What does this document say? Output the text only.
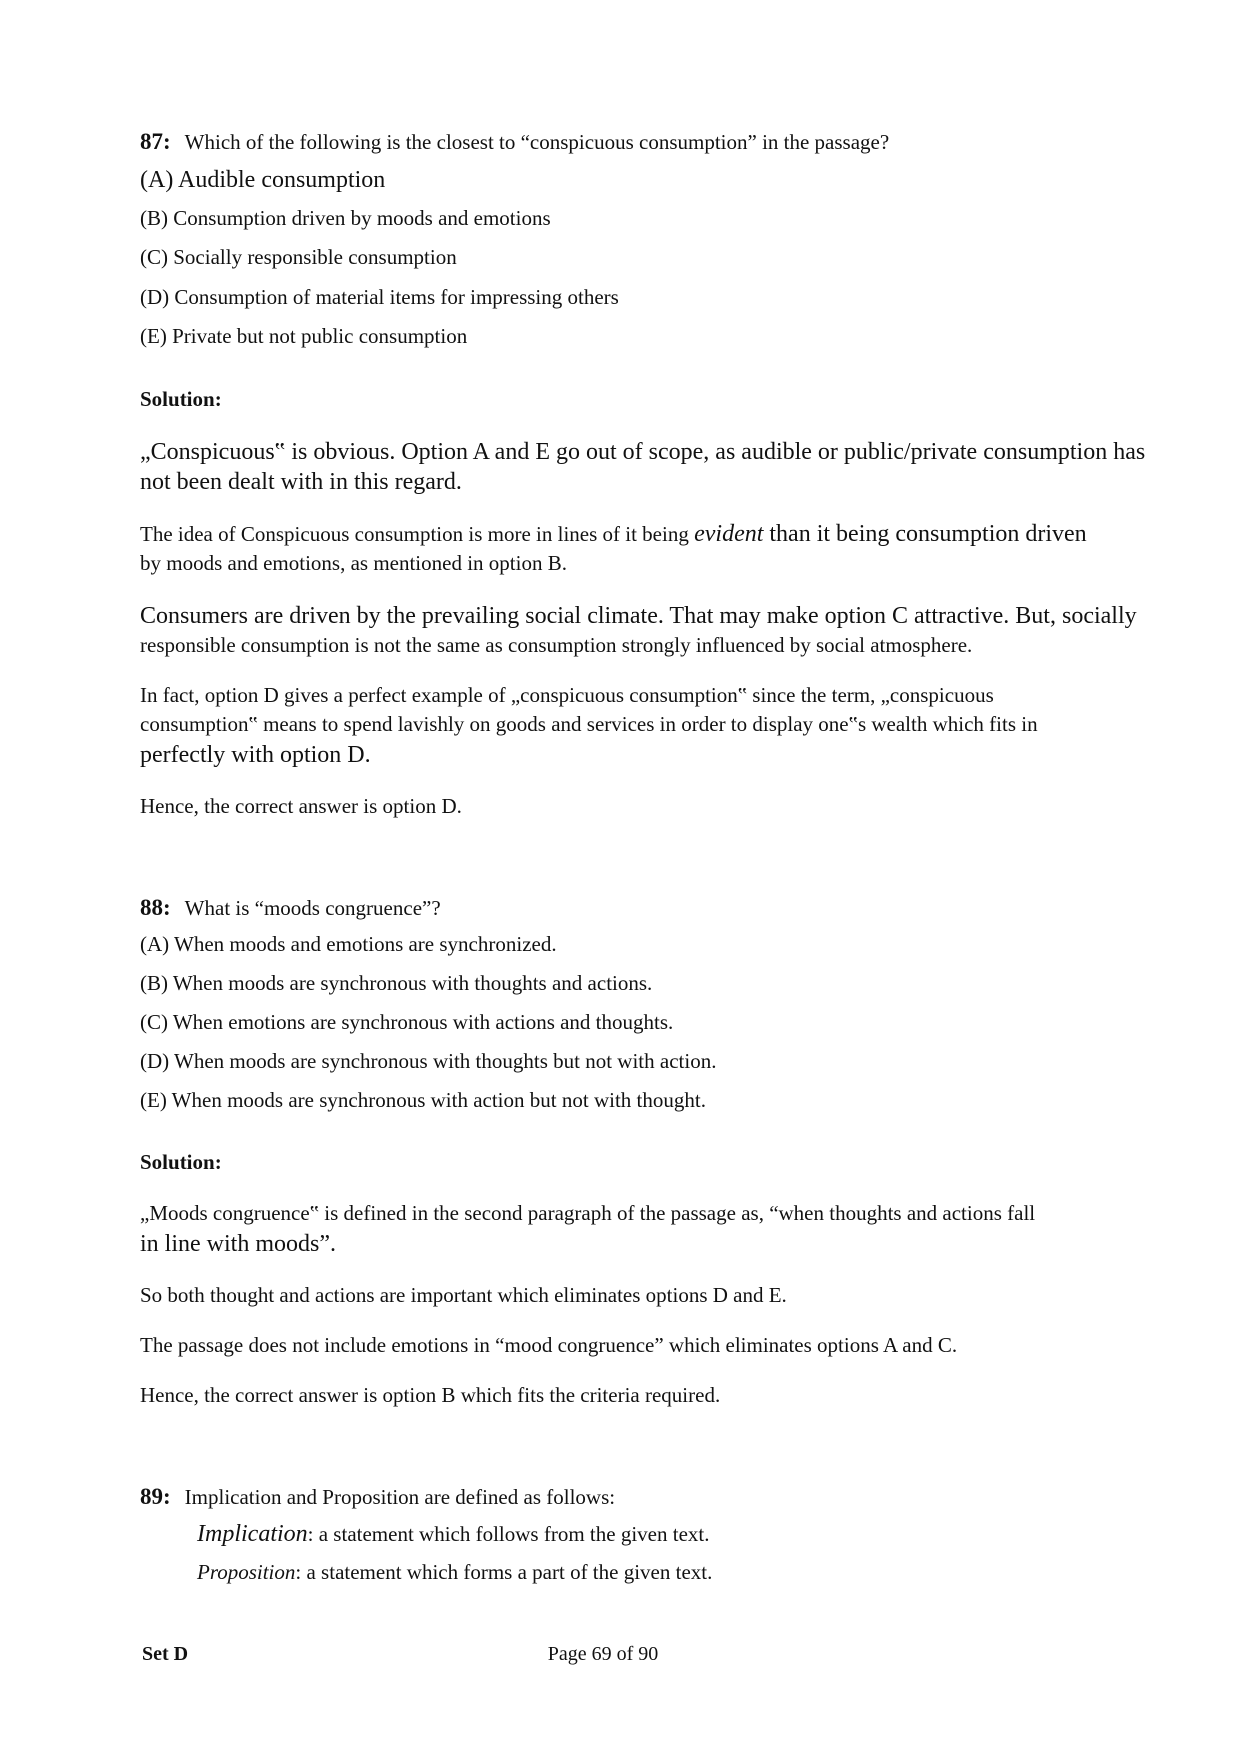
87: Which of the following is the closest to “conspicuous consumption” in the passage?
(A) Audible consumption
(B) Consumption driven by moods and emotions
(C) Socially responsible consumption
(D) Consumption of material items for impressing others
(E) Private but not public consumption
Solution:
„Conspicuous‟ is obvious. Option A and E go out of scope, as audible or public/private consumption has
not been dealt with in this regard.
The idea of Conspicuous consumption is more in lines of it being evident than it being consumption driven
by moods and emotions, as mentioned in option B.
Consumers are driven by the prevailing social climate. That may make option C attractive. But, socially
responsible consumption is not the same as consumption strongly influenced by social atmosphere.
In fact, option D gives a perfect example of „conspicuous consumption‟ since the term, „conspicuous
consumption‟ means to spend lavishly on goods and services in order to display one‟s wealth which fits in
perfectly with option D.
Hence, the correct answer is option D.
88: What is “moods congruence”?
(A) When moods and emotions are synchronized.
(B) When moods are synchronous with thoughts and actions.
(C) When emotions are synchronous with actions and thoughts.
(D) When moods are synchronous with thoughts but not with action.
(E) When moods are synchronous with action but not with thought.
Solution:
„Moods congruence‟ is defined in the second paragraph of the passage as, “when thoughts and actions fall
in line with moods”.
So both thought and actions are important which eliminates options D and E.
The passage does not include emotions in “mood congruence” which eliminates options A and C.
Hence, the correct answer is option B which fits the criteria required.
89: Implication and Proposition are defined as follows:
Implication: a statement which follows from the given text.
Proposition: a statement which forms a part of the given text.
Set D	Page 69 of 90
